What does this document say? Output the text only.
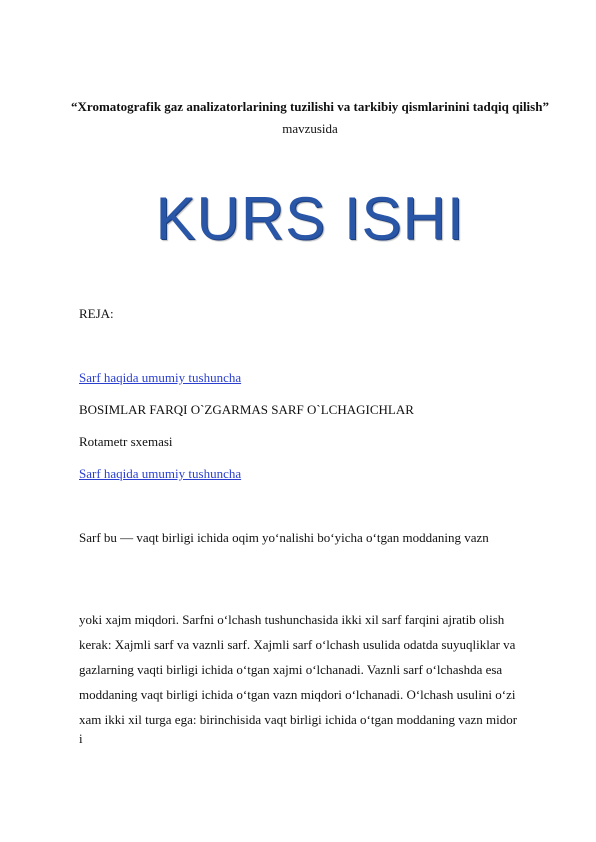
“Xromatografik gaz analizatorlarining tuzilishi va tarkibiy qismlarinini tadqiq qilish” mavzusida
KURS ISHI
REJA:
Sarf haqida umumiy tushuncha
BOSIMLAR FARQI O`ZGARMAS SARF O`LCHAGICHLAR
Rotametr sxemasi
Sarf haqida umumiy tushuncha
Sarf bu — vaqt birligi ichida oqim yo‘nalishi bo‘yicha o‘tgan moddaning vazn

yoki xajm miqdori. Sarfni o‘lchash tushunchasida ikki xil sarf farqini ajratib olish

kerak: Xajmli sarf va vaznli sarf. Xajmli sarf o‘lchash usulida odatda suyuqliklar va

gazlarning vaqti birligi ichida o‘tgan xajmi o‘lchanadi. Vaznli sarf o‘lchashda esa

moddaning vaqt birligi ichida o‘tgan vazn miqdori o‘lchanadi. O‘lchash usulini o‘zi

xam ikki xil turga ega: birinchisida vaqt birligi ichida o‘tgan moddaning vazn midor

i
